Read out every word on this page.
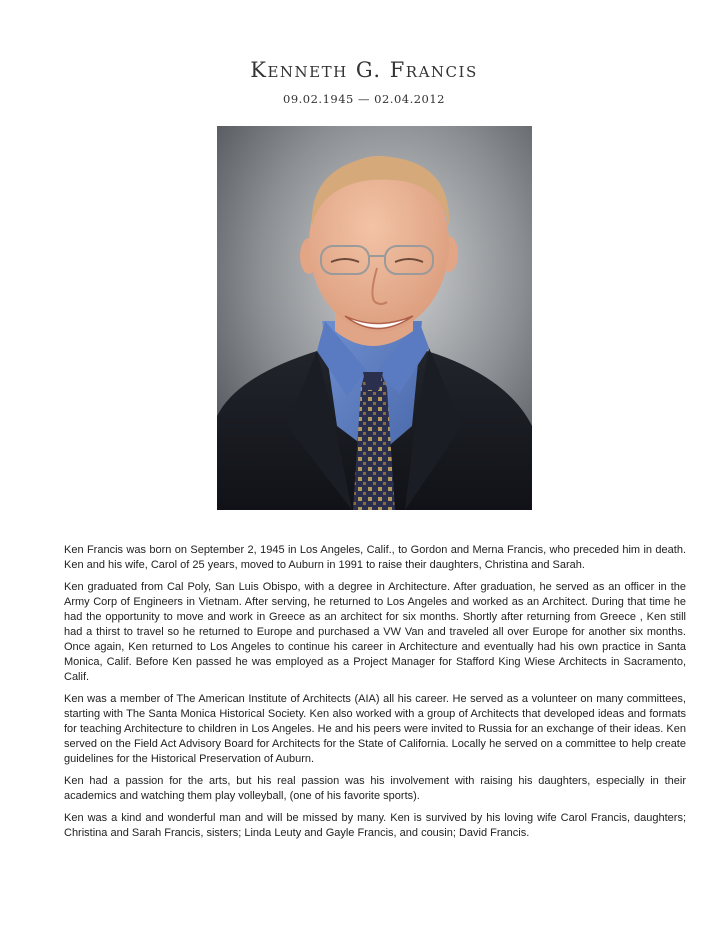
Kenneth G. Francis
09.02.1945 — 02.04.2012

Ken Francis was born on September 2, 1945 in Los Angeles, Calif., to Gordon and Merna Francis, who preceded him in death. Ken and his wife, Carol of 25 years, moved to Auburn in 1991 to raise their daughters, Christina and Sarah.

Ken graduated from Cal Poly, San Luis Obispo, with a degree in Architecture. After graduation, he served as an officer in the Army Corp of Engineers in Vietnam. After serving, he returned to Los Angeles and worked as an Architect. During that time he had the opportunity to move and work in Greece as an architect for six months. Shortly after returning from Greece , Ken still had a thirst to travel so he returned to Europe and purchased a VW Van and traveled all over Europe for another six months. Once again, Ken returned to Los Angeles to continue his career in Architecture and eventually had his own practice in Santa Monica, Calif. Before Ken passed he was employed as a Project Manager for Stafford King Wiese Architects in Sacramento, Calif.

Ken was a member of The American Institute of Architects (AIA) all his career. He served as a volunteer on many committees, starting with The Santa Monica Historical Society. Ken also worked with a group of Architects that developed ideas and formats for teaching Architecture to children in Los Angeles. He and his peers were invited to Russia for an exchange of their ideas. Ken served on the Field Act Advisory Board for Architects for the State of California. Locally he served on a committee to help create guidelines for the Historical Preservation of Auburn.

Ken had a passion for the arts, but his real passion was his involvement with raising his daughters, especially in their academics and watching them play volleyball, (one of his favorite sports).

Ken was a kind and wonderful man and will be missed by many. Ken is survived by his loving wife Carol Francis, daughters; Christina and Sarah Francis, sisters; Linda Leuty and Gayle Francis, and cousin; David Francis.
